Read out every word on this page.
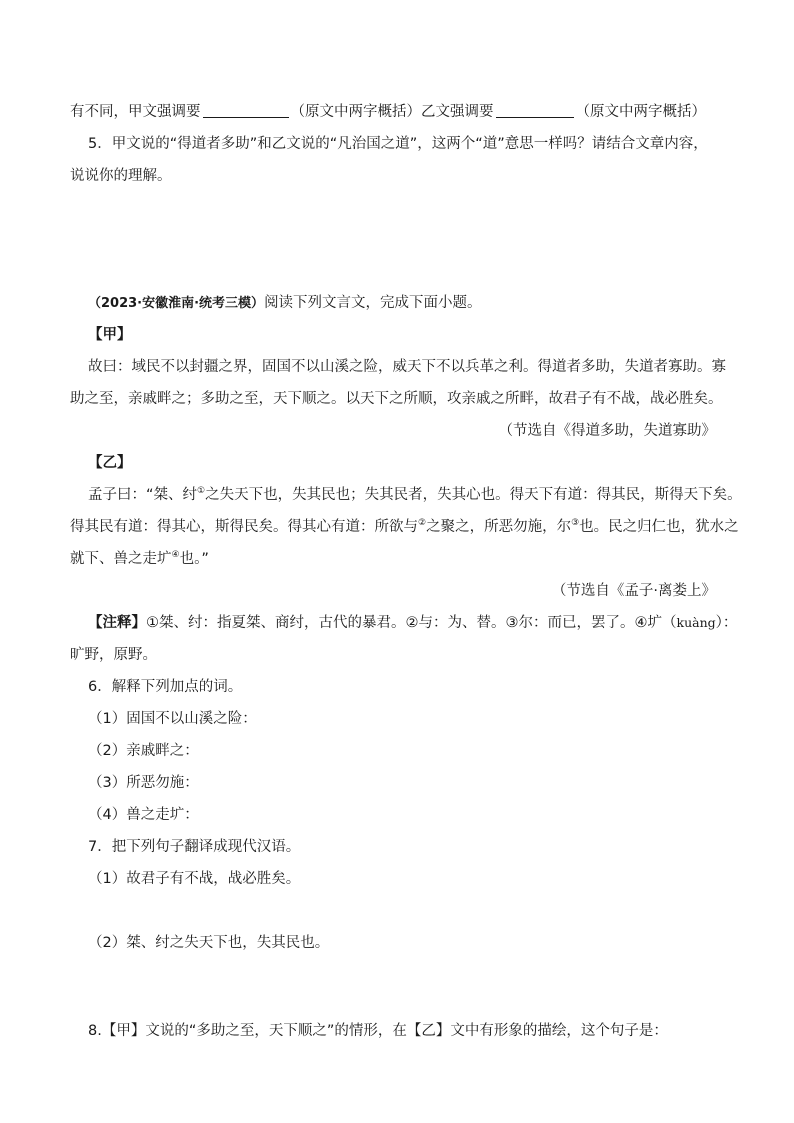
有不同，甲文强调要	（原文中两字概括）乙文强调要	（原文中两字概括）
5．甲文说的“得道者多助”和乙文说的“凡治国之道”，这两个“道”意思一样吗？请结合文章内容，
说说你的理解。
（2023·安徽淮南·统考三模）阅读下列文言文，完成下面小题。
【甲】
故曰：域民不以封疆之界，固国不以山溪之险，威天下不以兵革之利。得道者多助，失道者寡助。寡
助之至，亲戚畔之；多助之至，天下顺之。以天下之所顺，攻亲戚之所畔，故君子有不战，战必胜矣。
（节选自《得道多助，失道寡助》
【乙】
孟子曰：“桀、纣①之失天下也，失其民也；失其民者，失其心也。得天下有道：得其民，斯得天下矣。
得其民有道：得其心，斯得民矣。得其心有道：所欲与②之聚之，所恶勿施，尔③也。民之归仁也，犹水之
就下、兽之走圹④也。”
（节选自《孟子·离娄上》
【注释】①桀、纣：指夏桀、商纣，古代的暴君。②与：为、替。③尔：而已，罢了。④圹（kuàng）：
旷野，原野。
6．解释下列加点的词。
（1）固国不以山溪之险：
（2）亲戚畔之：
（3）所恶勿施：
（4）兽之走圹：
7．把下列句子翻译成现代汉语。
（1）故君子有不战，战必胜矣。
（2）桀、纣之失天下也，失其民也。
8.【甲】文说的“多助之至，天下顺之”的情形，在【乙】文中有形象的描绘，这个句子是：
